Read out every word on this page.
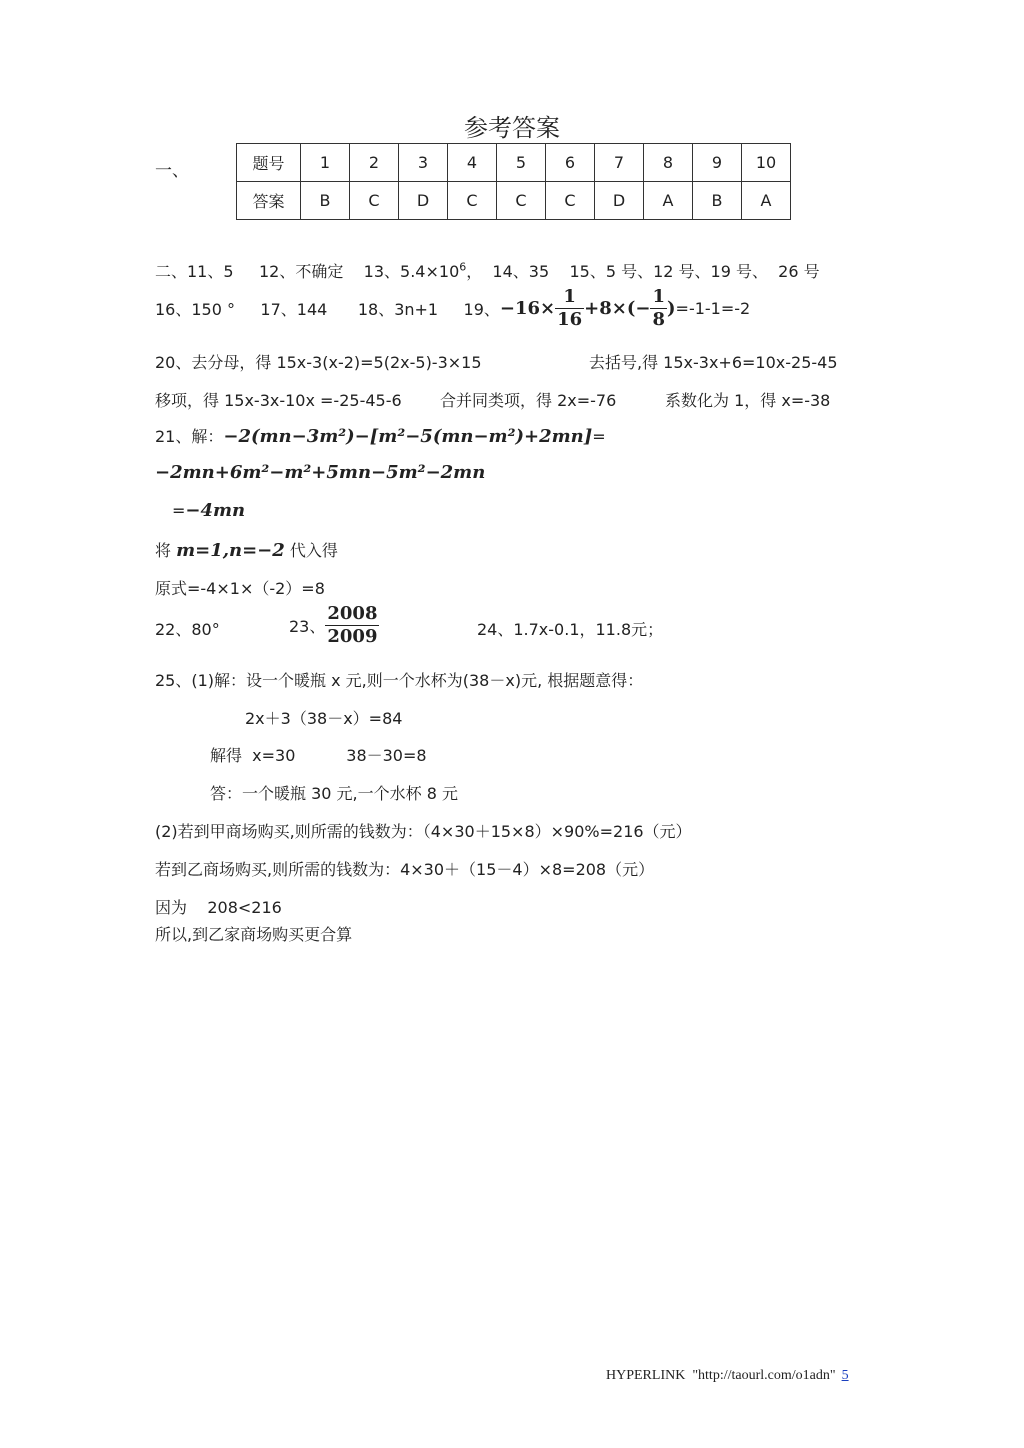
参考答案
一、	题号	1	2	3	4	5	6	7	8	9	10
答案	B	C	D	C	C	C	D	A	B	A
二、11、5     12、不确定    13、$5.4\times 10^6$，  14、35    15、5 号、12 号、19 号、  26 号
16、150 °     17、144      18、3n+1     19、$-16\times \frac{1}{16} +8\times(- \frac{1}{8} )=-1-1=-2$
20、去分母，得 15x-3(x-2)=5(2x-5)-3×15	去括号,得 15x-3x+6=10x-25-45
移项，得 15x-3x-10x =-25-45-6 合并同类项，得 2x=-76	系数化为 1，得 x=-38
21、解：−2(mn−3m²)−[m²−5(mn−m²)+2mn]=
−2mn+6m²−m²+5mn−5m²−2mn
=−4mn
将 m=1,n=−2 代入得
原式=-4×1×（-2）=8
22、80°	23、 $\frac{2008}{2009}$	24、1.7x-0.1，11.8元；
25、(1)解：设一个暖瓶 x 元,则一个水杯为(38－x)元, 根据题意得：
2x＋3（38－x）=84
解得  x=30          38－30=8
答：一个暖瓶 30 元,一个水杯 8 元
(2)若到甲商场购买,则所需的钱数为：（4×30＋15×8）×90%=216（元）
若到乙商场购买,则所需的钱数为：4×30＋（15－4）×8=208（元）
因为    208<216
所以,到乙家商场购买更合算
HYPERLINK  "http://taourl.com/o1adn" 5
